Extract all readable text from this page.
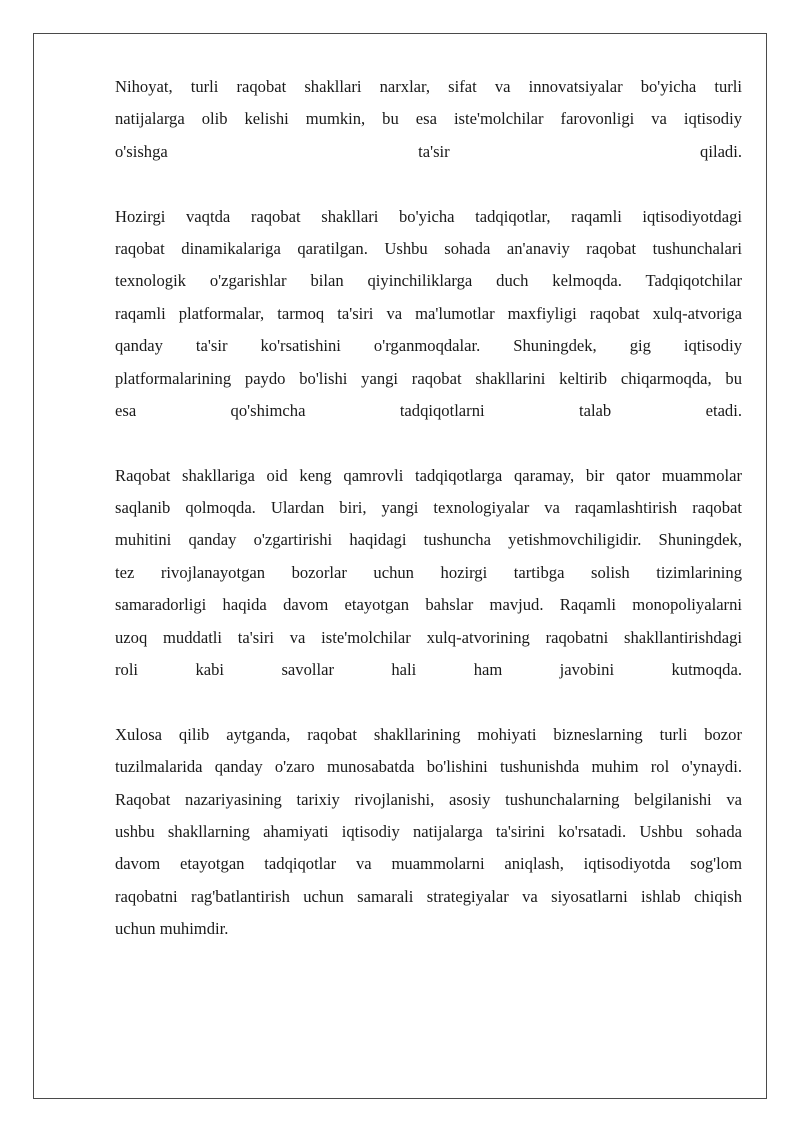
Nihoyat, turli raqobat shakllari narxlar, sifat va innovatsiyalar bo'yicha turli
natijalarga olib kelishi mumkin, bu esa iste'molchilar farovonligi va iqtisodiy
o'sishga ta'sir qiladi.
Hozirgi vaqtda raqobat shakllari bo'yicha tadqiqotlar, raqamli iqtisodiyotdagi
raqobat dinamikalariga qaratilgan. Ushbu sohada an'anaviy raqobat tushunchalari
texnologik o'zgarishlar bilan qiyinchiliklarga duch kelmoqda. Tadqiqotchilar
raqamli platformalar, tarmoq ta'siri va ma'lumotlar maxfiyligi raqobat xulq-atvoriga
qanday ta'sir ko'rsatishini o'rganmoqdalar. Shuningdek, gig iqtisodiy
platformalarining paydo bo'lishi yangi raqobat shakllarini keltirib chiqarmoqda, bu
esa qo'shimcha tadqiqotlarni talab etadi.
Raqobat shakllariga oid keng qamrovli tadqiqotlarga qaramay, bir qator muammolar
saqlanib qolmoqda. Ulardan biri, yangi texnologiyalar va raqamlashtirish raqobat
muhitini qanday o'zgartirishi haqidagi tushuncha yetishmovchiligidir. Shuningdek,
tez rivojlanayotgan bozorlar uchun hozirgi tartibga solish tizimlarining
samaradorligi haqida davom etayotgan bahslar mavjud. Raqamli monopoliyalarni
uzoq muddatli ta'siri va iste'molchilar xulq-atvorining raqobatni shakllantirishdagi
roli kabi savollar hali ham javobini kutmoqda.
Xulosa qilib aytganda, raqobat shakllarining mohiyati bizneslarning turli bozor
tuzilmalarida qanday o'zaro munosabatda bo'lishini tushunishda muhim rol o'ynaydi.
Raqobat nazariyasining tarixiy rivojlanishi, asosiy tushunchalarning belgilanishi va
ushbu shakllarning ahamiyati iqtisodiy natijalarga ta'sirini ko'rsatadi. Ushbu sohada
davom etayotgan tadqiqotlar va muammolarni aniqlash, iqtisodiyotda sog'lom
raqobatni rag'batlantirish uchun samarali strategiyalar va siyosatlarni ishlab chiqish
uchun muhimdir.
